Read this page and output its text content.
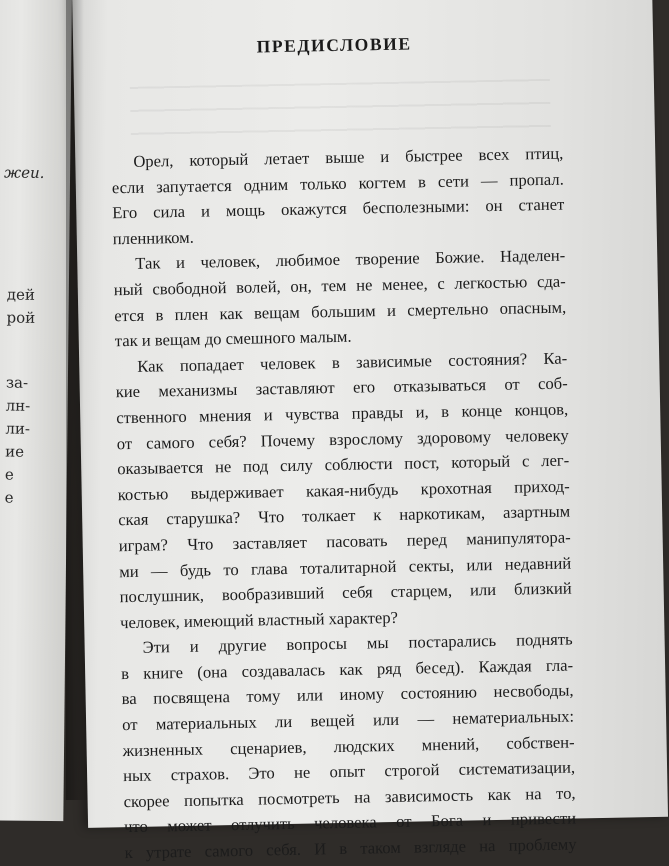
жеи.
дей
рой
за-
лн-
ли-
ие
е
е
ПРЕДИСЛОВИЕ
Орел, который летает выше и быстрее всех птиц,
если запутается одним только когтем в сети — пропал.
Его сила и мощь окажутся бесполезными: он станет
пленником.
Так и человек, любимое творение Божие. Наделен-
ный свободной волей, он, тем не менее, с легкостью сда-
ется в плен как вещам большим и смертельно опасным,
так и вещам до смешного малым.
Как попадает человек в зависимые состояния? Ка-
кие механизмы заставляют его отказываться от соб-
ственного мнения и чувства правды и, в конце концов,
от самого себя? Почему взрослому здоровому человеку
оказывается не под силу соблюсти пост, который с лег-
костью выдерживает какая-нибудь крохотная приход-
ская старушка? Что толкает к наркотикам, азартным
играм? Что заставляет пасовать перед манипулятора-
ми — будь то глава тоталитарной секты, или недавний
послушник, вообразивший себя старцем, или близкий
человек, имеющий властный характер?
Эти и другие вопросы мы постарались поднять
в книге (она создавалась как ряд бесед). Каждая гла-
ва посвящена тому или иному состоянию несвободы,
от материальных ли вещей или — нематериальных:
жизненных сценариев, людских мнений, собствен-
ных страхов. Это не опыт строгой систематизации,
скорее попытка посмотреть на зависимость как на то,
что может отлучить человека от Бога и привести
к утрате самого себя. И в таком взгляде на проблему
